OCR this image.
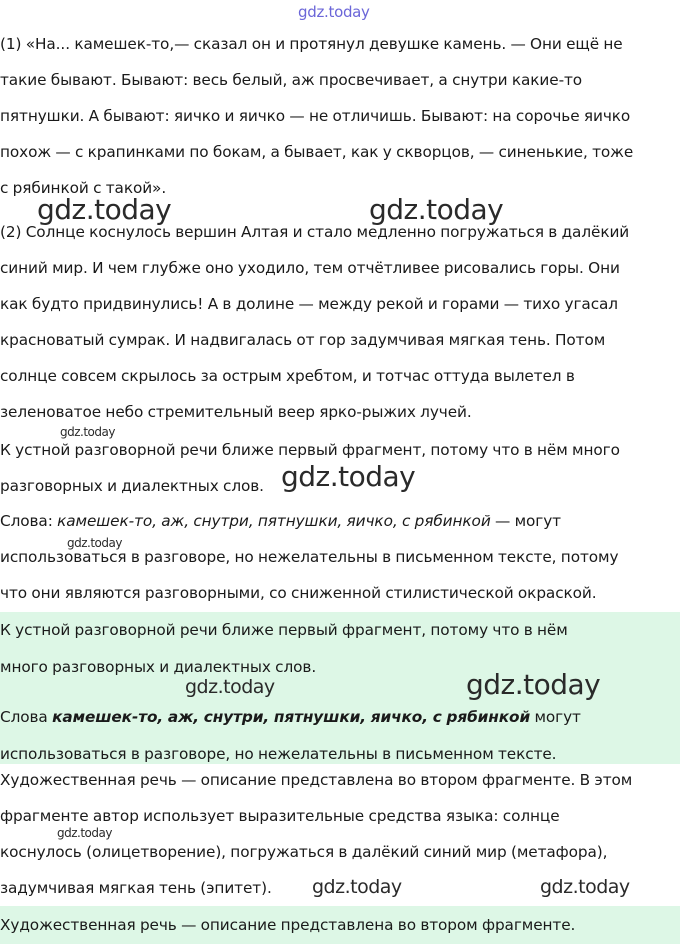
(1) «На... камешек-то,— сказал он и протянул девушке камень. — Они ещё не
такие бывают. Бывают: весь белый, аж просвечивает, а снутри какие-то
пятнушки. А бывают: яичко и яичко — не отличишь. Бывают: на сорочье яичко
похож — с крапинками по бокам, а бывает, как у скворцов, — синенькие, тоже
с рябинкой с такой».
(2) Солнце коснулось вершин Алтая и стало медленно погружаться в далёкий
синий мир. И чем глубже оно уходило, тем отчётливее рисовались горы. Они
как будто придвинулись! А в долине — между рекой и горами — тихо угасал
красноватый сумрак. И надвигалась от гор задумчивая мягкая тень. Потом
солнце совсем скрылось за острым хребтом, и тотчас оттуда вылетел в
зеленоватое небо стремительный веер ярко-рыжих лучей.
К устной разговорной речи ближе первый фрагмент, потому что в нём много
разговорных и диалектных слов.
Слова: камешек-то, аж, снутри, пятнушки, яичко, с рябинкой — могут
использоваться в разговоре, но нежелательны в письменном тексте, потому
что они являются разговорными, со сниженной стилистической окраской.
К устной разговорной речи ближе первый фрагмент, потому что в нём
много разговорных и диалектных слов.
Слова камешек-то, аж, снутри, пятнушки, яичко, с рябинкой могут
использоваться в разговоре, но нежелательны в письменном тексте.
Художественная речь — описание представлена во втором фрагменте. В этом
фрагменте автор использует выразительные средства языка: солнце
коснулось (олицетворение), погружаться в далёкий синий мир (метафора),
задумчивая мягкая тень (эпитет).
Художественная речь — описание представлена во втором фрагменте.
gdz.today
gdz.today	gdz.today
gdz.today
gdz.today
gdz.today
gdz.today	gdz.today
gdz.today
gdz.today	gdz.today
